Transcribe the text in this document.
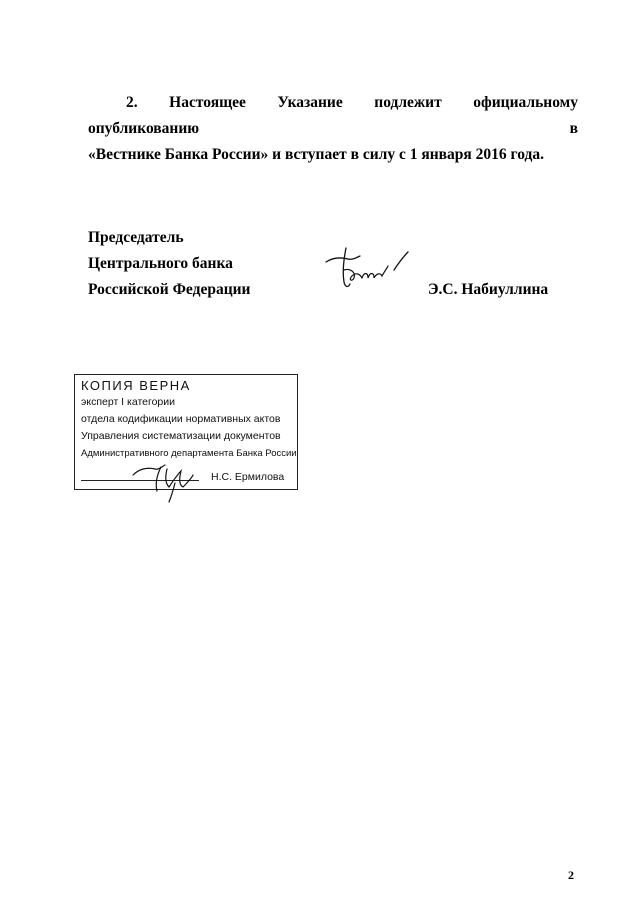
2. Настоящее Указание подлежит официальному опубликованию в
«Вестнике Банка России» и вступает в силу с 1 января 2016 года.
Председатель
Центрального банка
Российской Федерации	Э.С. Набиуллина
КОПИЯ ВЕРНА
эксперт I категории
отдела кодификации нормативных актов
Управления систематизации документов
Административного департамента Банка России
Н.С. Ермилова
2
